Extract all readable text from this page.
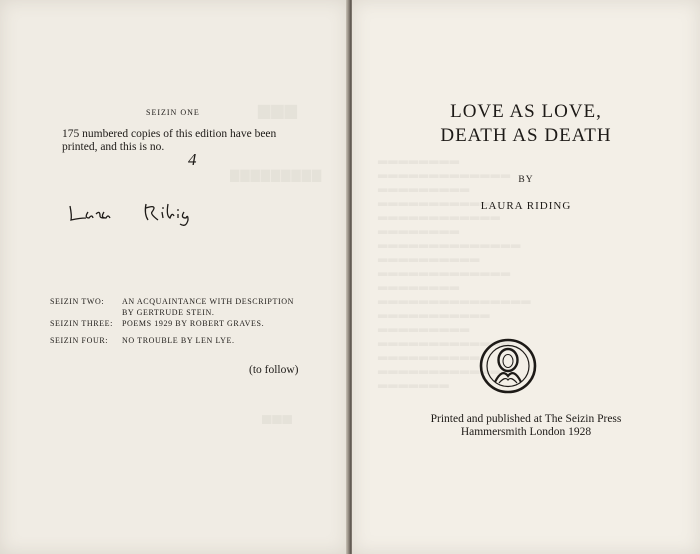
▆▆▆
▇▇▇▇▇▇▇▇▇
▅▅▅
SEIZIN ONE
175 numbered copies of this edition have been
printed, and this is no.
4
SEIZIN TWO:	AN ACQUAINTANCE WITH DESCRIPTION
BY GERTRUDE STEIN.
SEIZIN THREE:	POEMS 1929 BY ROBERT GRAVES.
SEIZIN FOUR:	NO TROUBLE BY LEN LYE.
(to follow)
▂▂▂▂▂▂▂▂
▂▂▂▂▂▂▂▂▂▂▂▂▂
▂▂▂▂▂▂▂▂▂
▂▂▂▂▂▂▂▂▂▂▂
▂▂▂▂▂▂▂▂▂▂▂▂
▂▂▂▂▂▂▂▂
▂▂▂▂▂▂▂▂▂▂▂▂▂▂
▂▂▂▂▂▂▂▂▂▂
▂▂▂▂▂▂▂▂▂▂▂▂▂
▂▂▂▂▂▂▂▂
▂▂▂▂▂▂▂▂▂▂▂▂▂▂▂
▂▂▂▂▂▂▂▂▂▂▂
▂▂▂▂▂▂▂▂▂
▂▂▂▂▂▂▂▂▂▂▂▂▂
▂▂▂▂▂▂▂▂▂▂
▂▂▂▂▂▂▂▂▂▂▂▂
▂▂▂▂▂▂▂
LOVE AS LOVE,
DEATH AS DEATH
BY
LAURA RIDING
Printed and published at The Seizin Press
Hammersmith London 1928
